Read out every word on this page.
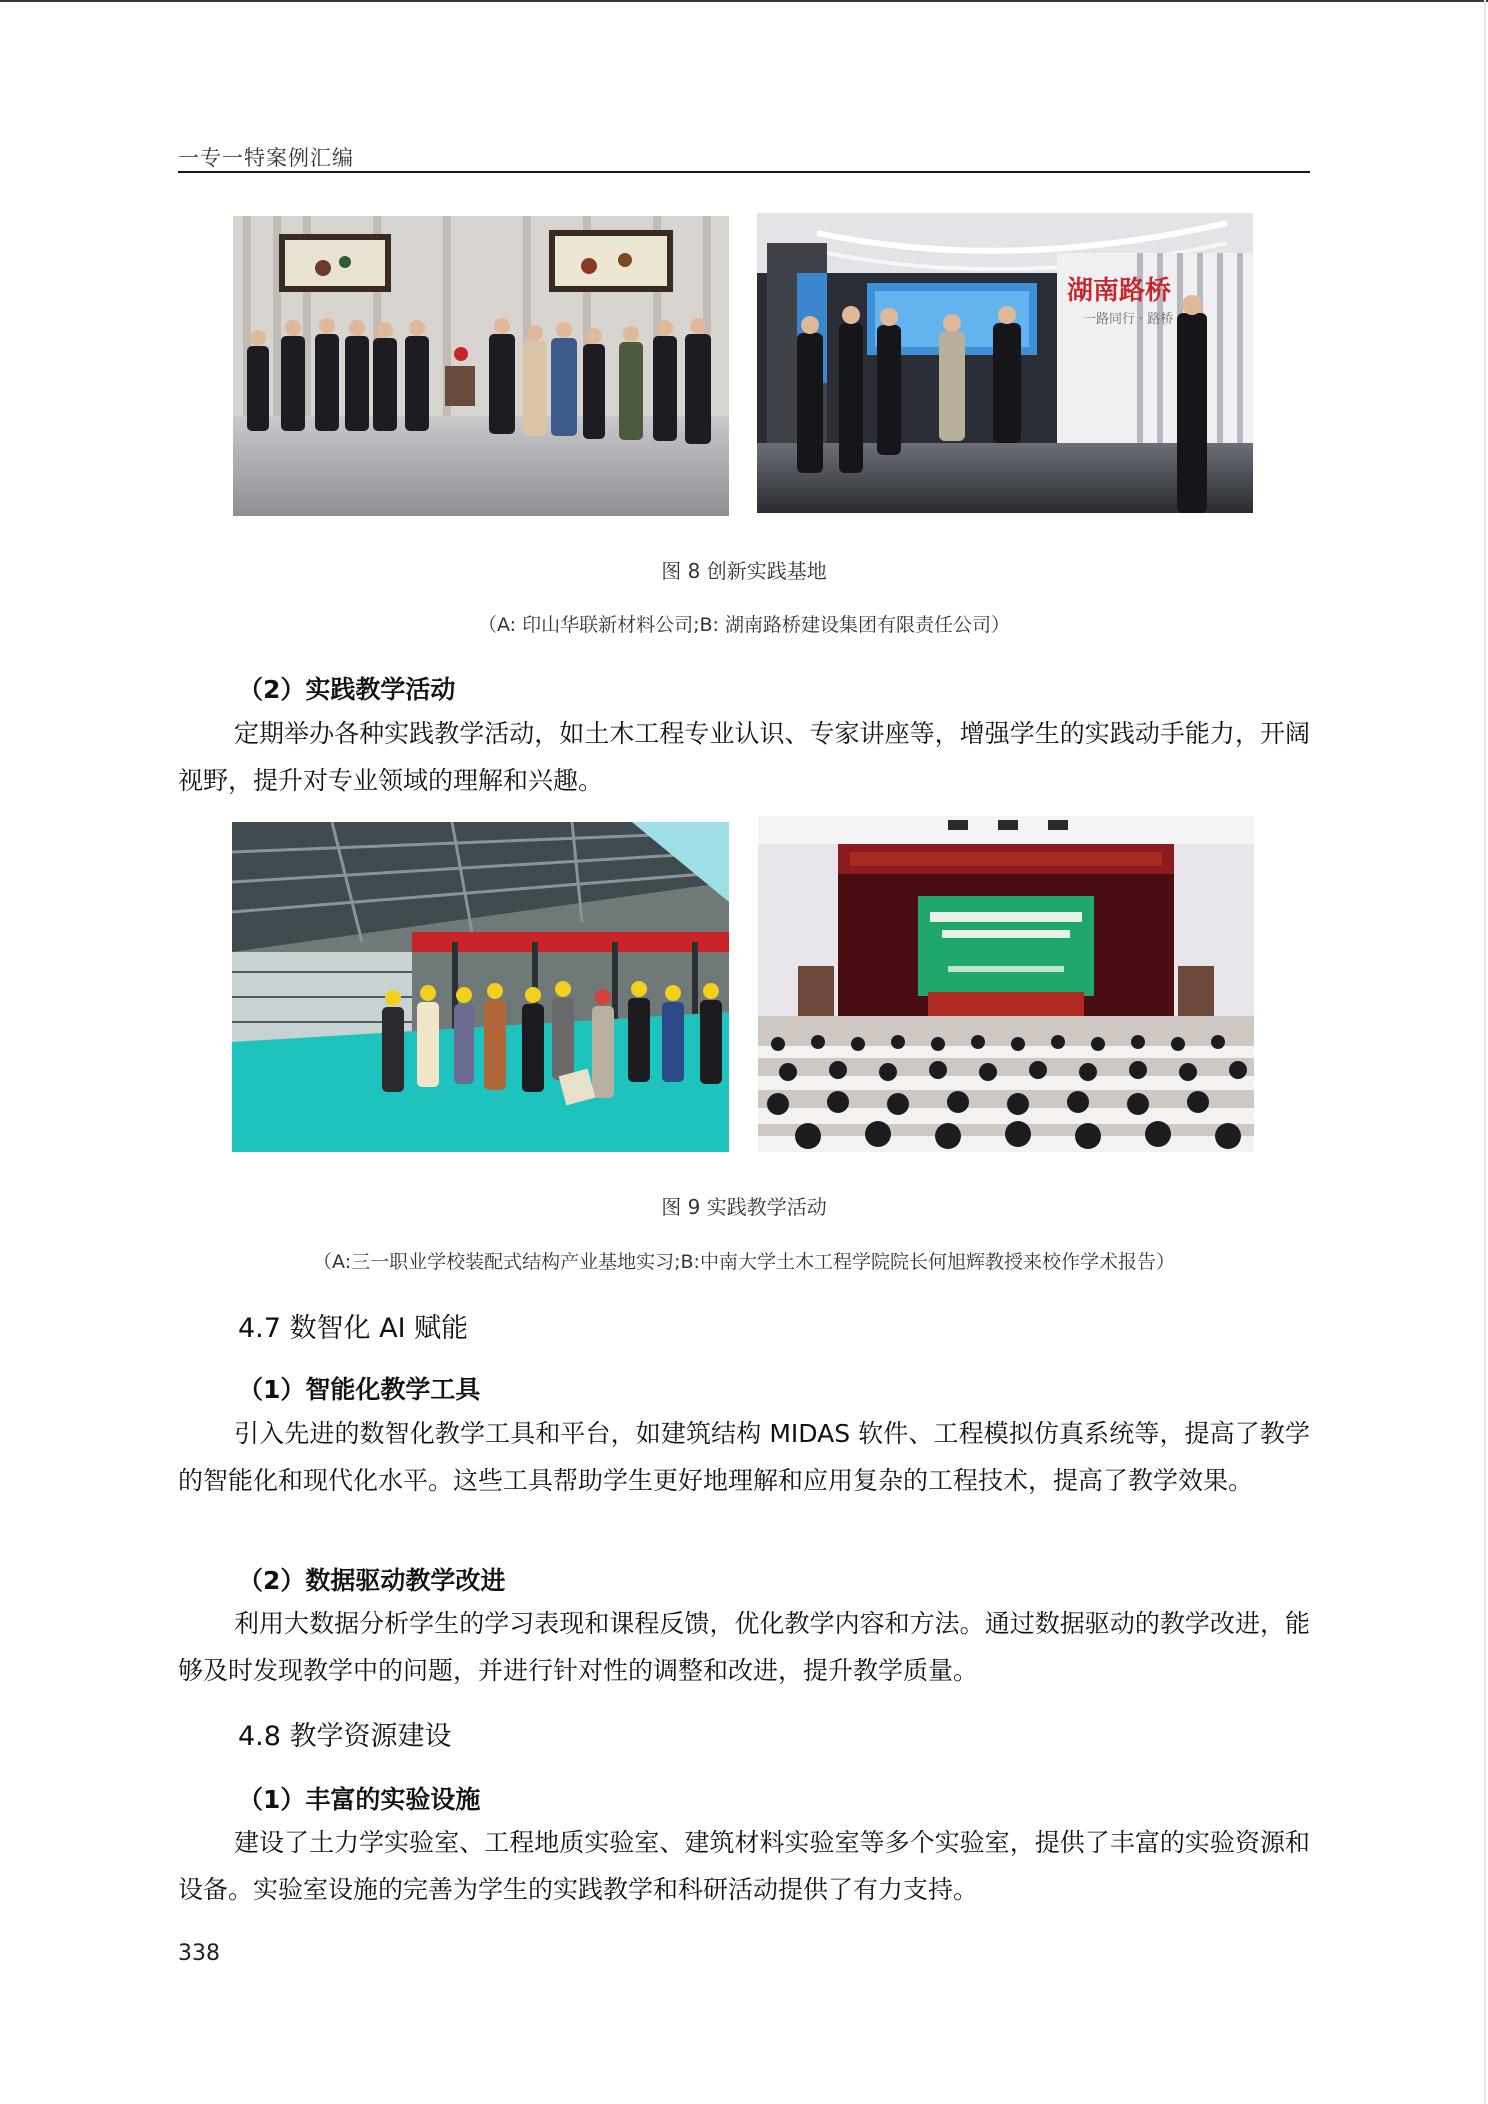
一专一特案例汇编
湖南路桥
一路同行 · 路桥
图 8 创新实践基地
（A: 印山华联新材料公司;B: 湖南路桥建设集团有限责任公司）
（2）实践教学活动

定期举办各种实践教学活动，如土木工程专业认识、专家讲座等，增强学生的实践动手能力，开阔视野，提升对专业领域的理解和兴趣。

图 9 实践教学活动
（A:三一职业学校装配式结构产业基地实习;B:中南大学土木工程学院院长何旭辉教授来校作学术报告）
4.7 数智化 AI 赋能
（1）智能化教学工具

引入先进的数智化教学工具和平台，如建筑结构 MIDAS 软件、工程模拟仿真系统等，提高了教学的智能化和现代化水平。这些工具帮助学生更好地理解和应用复杂的工程技术，提高了教学效果。

（2）数据驱动教学改进

利用大数据分析学生的学习表现和课程反馈，优化教学内容和方法。通过数据驱动的教学改进，能够及时发现教学中的问题，并进行针对性的调整和改进，提升教学质量。

4.8 教学资源建设
（1）丰富的实验设施

建设了土力学实验室、工程地质实验室、建筑材料实验室等多个实验室，提供了丰富的实验资源和设备。实验室设施的完善为学生的实践教学和科研活动提供了有力支持。

338
